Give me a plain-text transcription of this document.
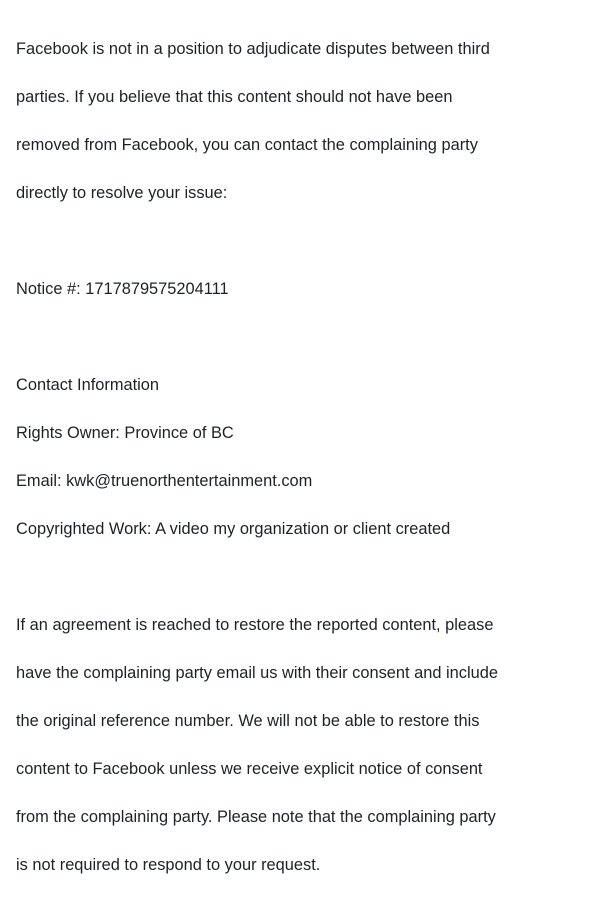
Facebook is not in a position to adjudicate disputes between third

parties. If you believe that this content should not have been

removed from Facebook, you can contact the complaining party

directly to resolve your issue:

Notice #: 1717879575204111

Contact Information

Rights Owner: Province of BC

Email: kwk@truenorthentertainment.com

Copyrighted Work: A video my organization or client created

If an agreement is reached to restore the reported content, please

have the complaining party email us with their consent and include

the original reference number. We will not be able to restore this

content to Facebook unless we receive explicit notice of consent

from the complaining party. Please note that the complaining party

is not required to respond to your request.
